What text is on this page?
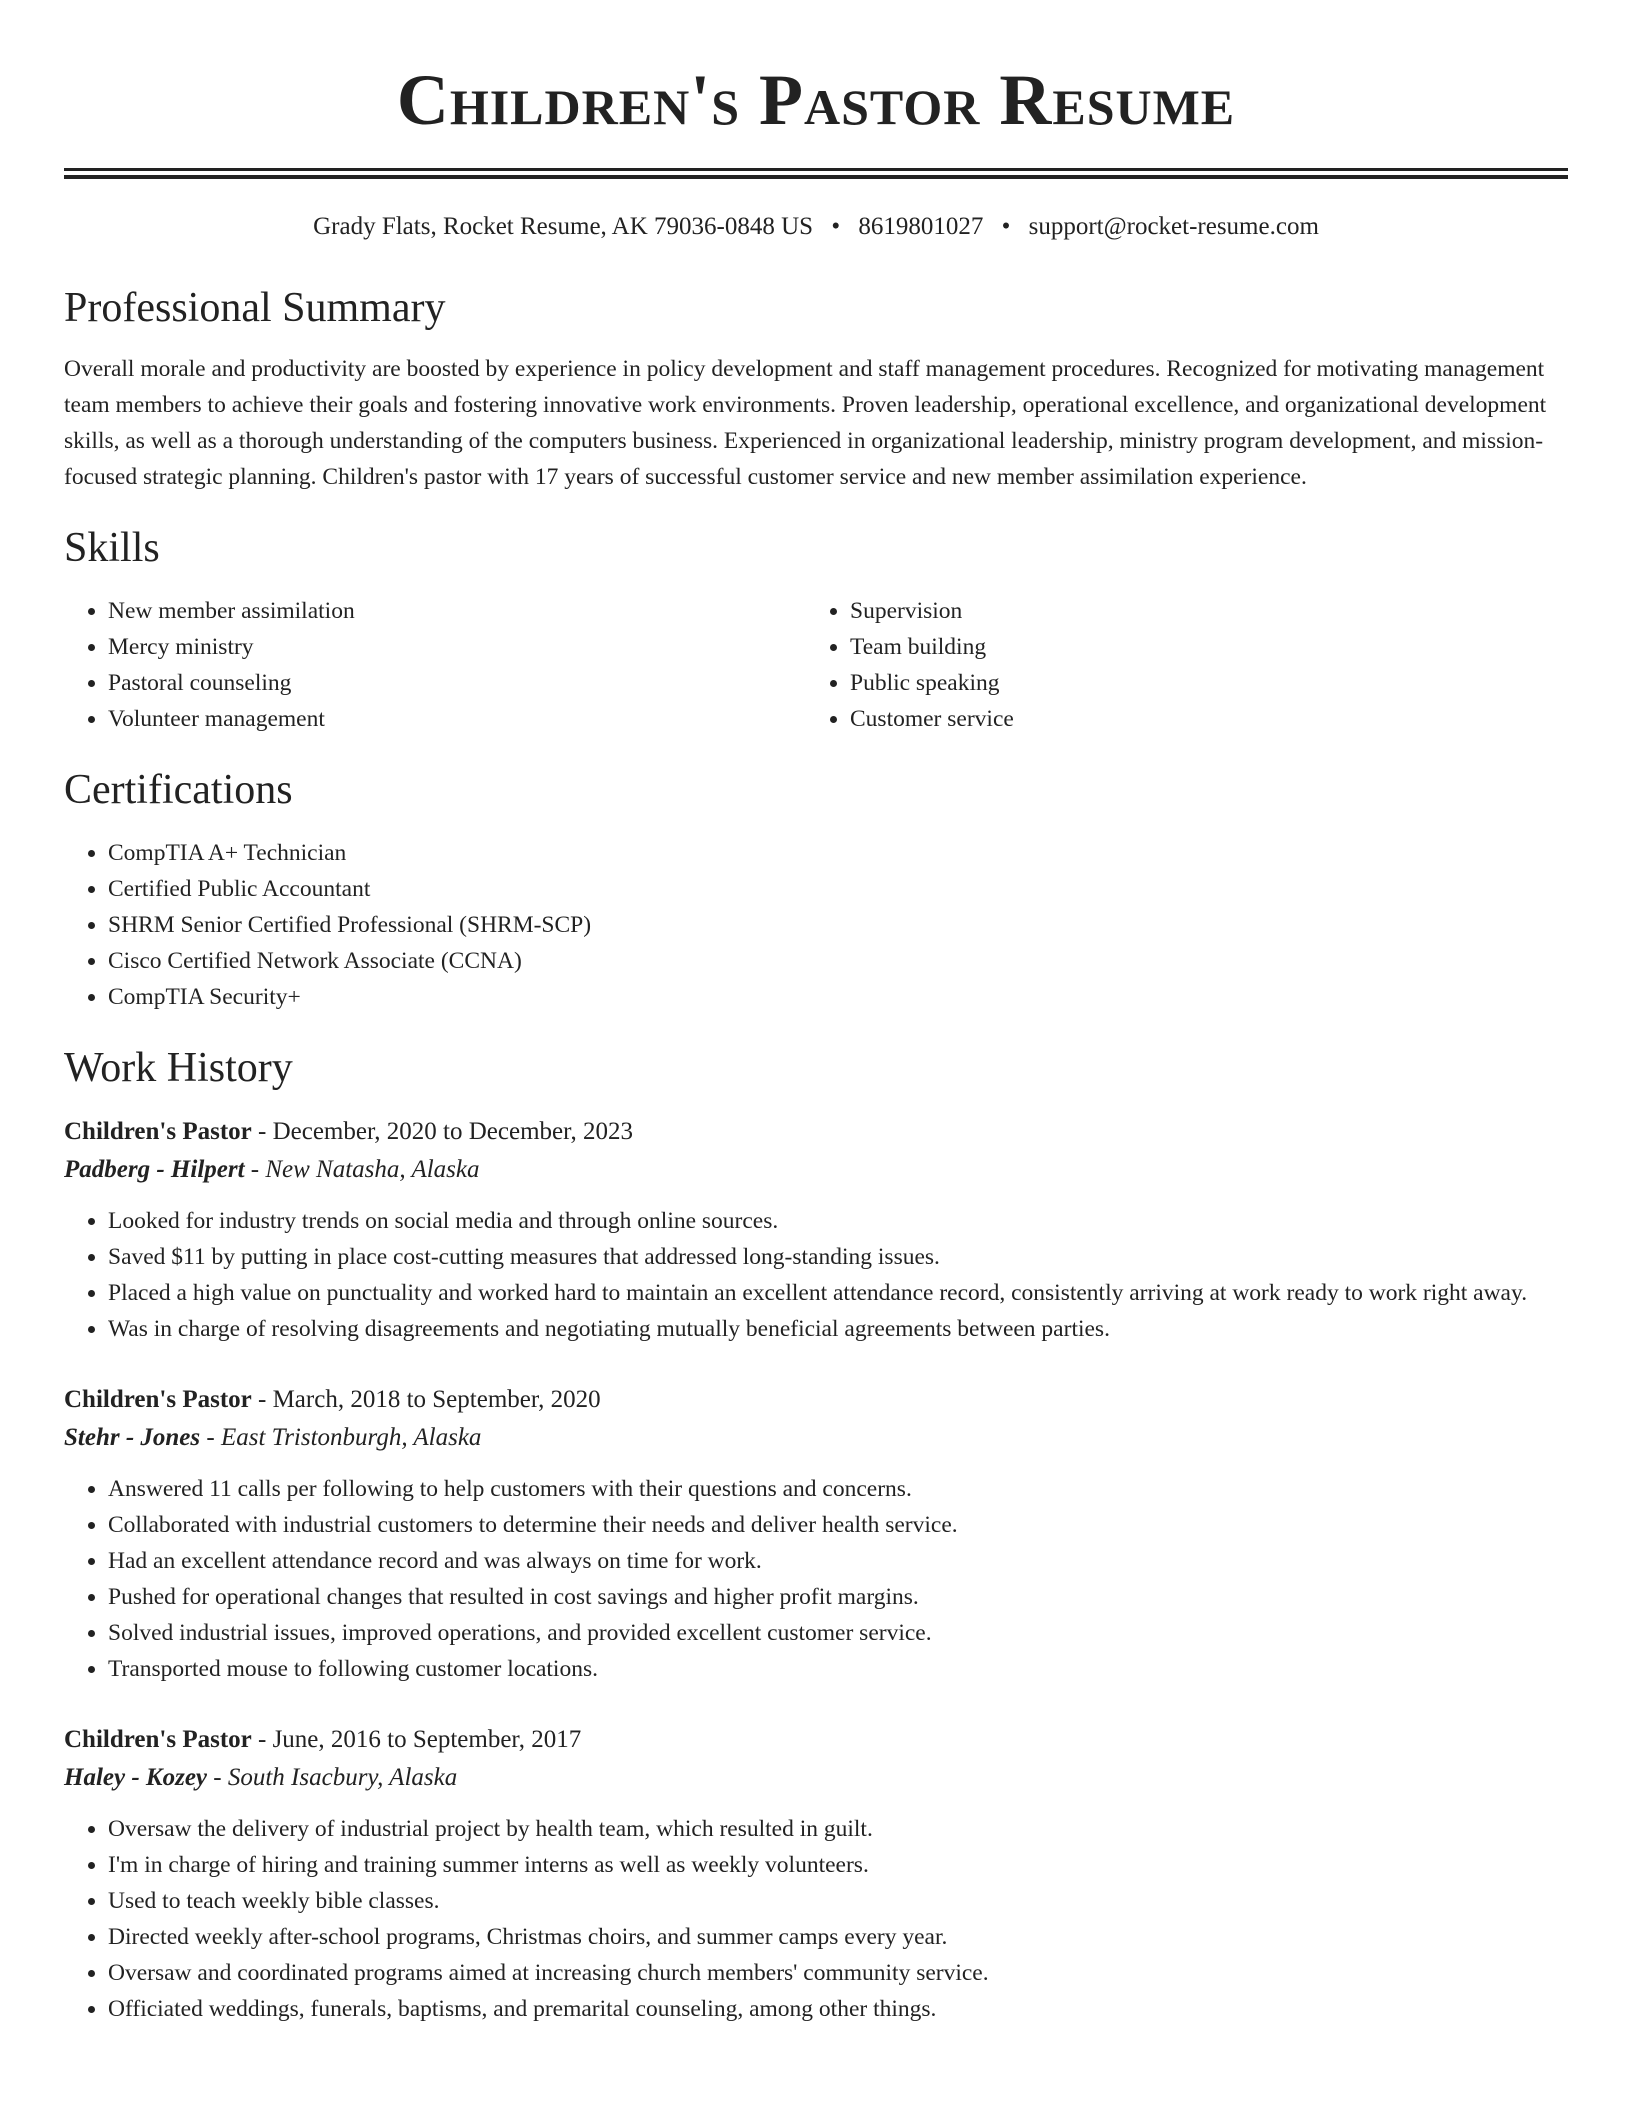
Children's Pastor Resume
Grady Flats, Rocket Resume, AK 79036-0848 US • 8619801027 • support@rocket-resume.com
Professional Summary

Overall morale and productivity are boosted by experience in policy development and staff management procedures. Recognized for motivating management team members to achieve their goals and fostering innovative work environments. Proven leadership, operational excellence, and organizational development skills, as well as a thorough understanding of the computers business. Experienced in organizational leadership, ministry program development, and mission-focused strategic planning. Children's pastor with 17 years of successful customer service and new member assimilation experience.

Skills
• New member assimilation
• Mercy ministry
• Pastoral counseling
• Volunteer management
• Supervision
• Team building
• Public speaking
• Customer service
Certifications
• CompTIA A+ Technician
• Certified Public Accountant
• SHRM Senior Certified Professional (SHRM-SCP)
• Cisco Certified Network Associate (CCNA)
• CompTIA Security+
Work History
Children's Pastor - December, 2020 to December, 2023
Padberg - Hilpert - New Natasha, Alaska
• Looked for industry trends on social media and through online sources.
• Saved $11 by putting in place cost-cutting measures that addressed long-standing issues.
• Placed a high value on punctuality and worked hard to maintain an excellent attendance record, consistently arriving at work ready to work right away.
• Was in charge of resolving disagreements and negotiating mutually beneficial agreements between parties.
Children's Pastor - March, 2018 to September, 2020
Stehr - Jones - East Tristonburgh, Alaska
• Answered 11 calls per following to help customers with their questions and concerns.
• Collaborated with industrial customers to determine their needs and deliver health service.
• Had an excellent attendance record and was always on time for work.
• Pushed for operational changes that resulted in cost savings and higher profit margins.
• Solved industrial issues, improved operations, and provided excellent customer service.
• Transported mouse to following customer locations.
Children's Pastor - June, 2016 to September, 2017
Haley - Kozey - South Isacbury, Alaska
• Oversaw the delivery of industrial project by health team, which resulted in guilt.
• I'm in charge of hiring and training summer interns as well as weekly volunteers.
• Used to teach weekly bible classes.
• Directed weekly after-school programs, Christmas choirs, and summer camps every year.
• Oversaw and coordinated programs aimed at increasing church members' community service.
• Officiated weddings, funerals, baptisms, and premarital counseling, among other things.
